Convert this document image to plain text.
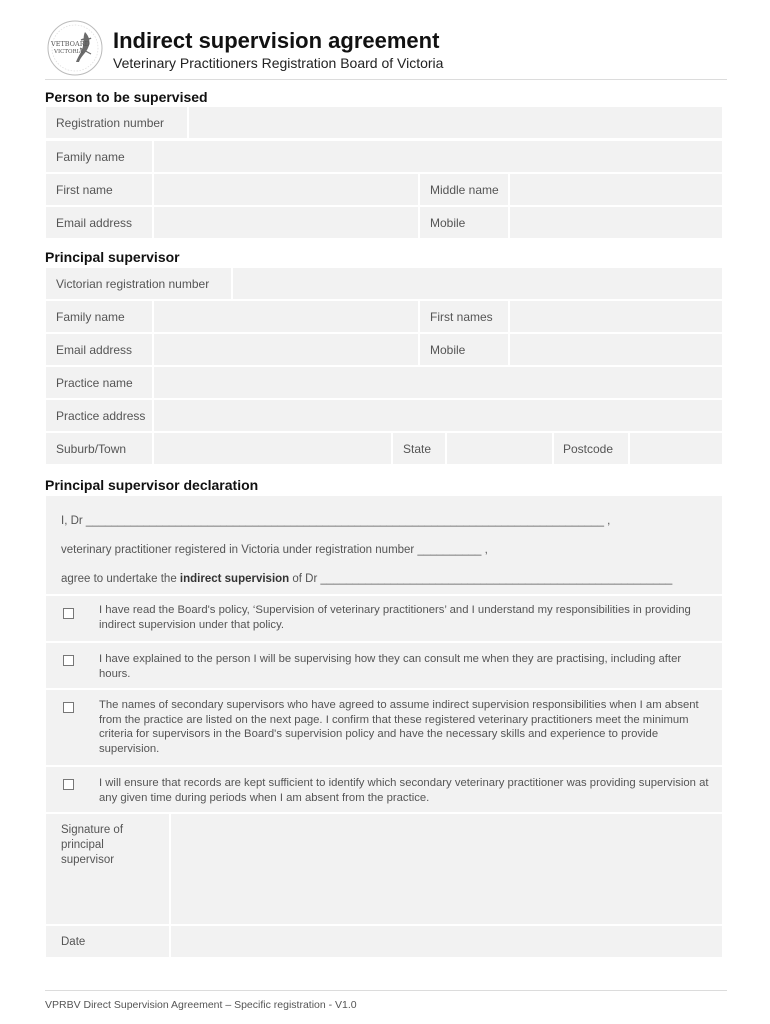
VETBOARD
VICTORIA Indirect supervision agreement
Veterinary Practitioners Registration Board of Victoria
Person to be supervised
Registration number
Family name
First name	Middle name
Email address	Mobile
Principal supervisor
Victorian registration number
Family name	First names
Email address	Mobile
Practice name
Practice address
Suburb/Town	State	Postcode
Principal supervisor declaration
I, Dr _________________________________________________________________________________ ,
veterinary practitioner registered in Victoria under registration number __________ ,
agree to undertake the indirect supervision of Dr _______________________________________________________
I have read the Board's policy, ‘Supervision of veterinary practitioners’ and I understand my responsibilities in providing indirect supervision under that policy.
I have explained to the person I will be supervising how they can consult me when they are practising, including after hours.
The names of secondary supervisors who have agreed to assume indirect supervision responsibilities when I am absent from the practice are listed on the next page. I confirm that these registered veterinary practitioners meet the minimum criteria for supervisors in the Board's supervision policy and have the necessary skills and experience to provide supervision.
I will ensure that records are kept sufficient to identify which secondary veterinary practitioner was providing supervision at any given time during periods when I am absent from the practice.
Signature of principal supervisor
Date
VPRBV Direct Supervision Agreement – Specific registration - V1.0
